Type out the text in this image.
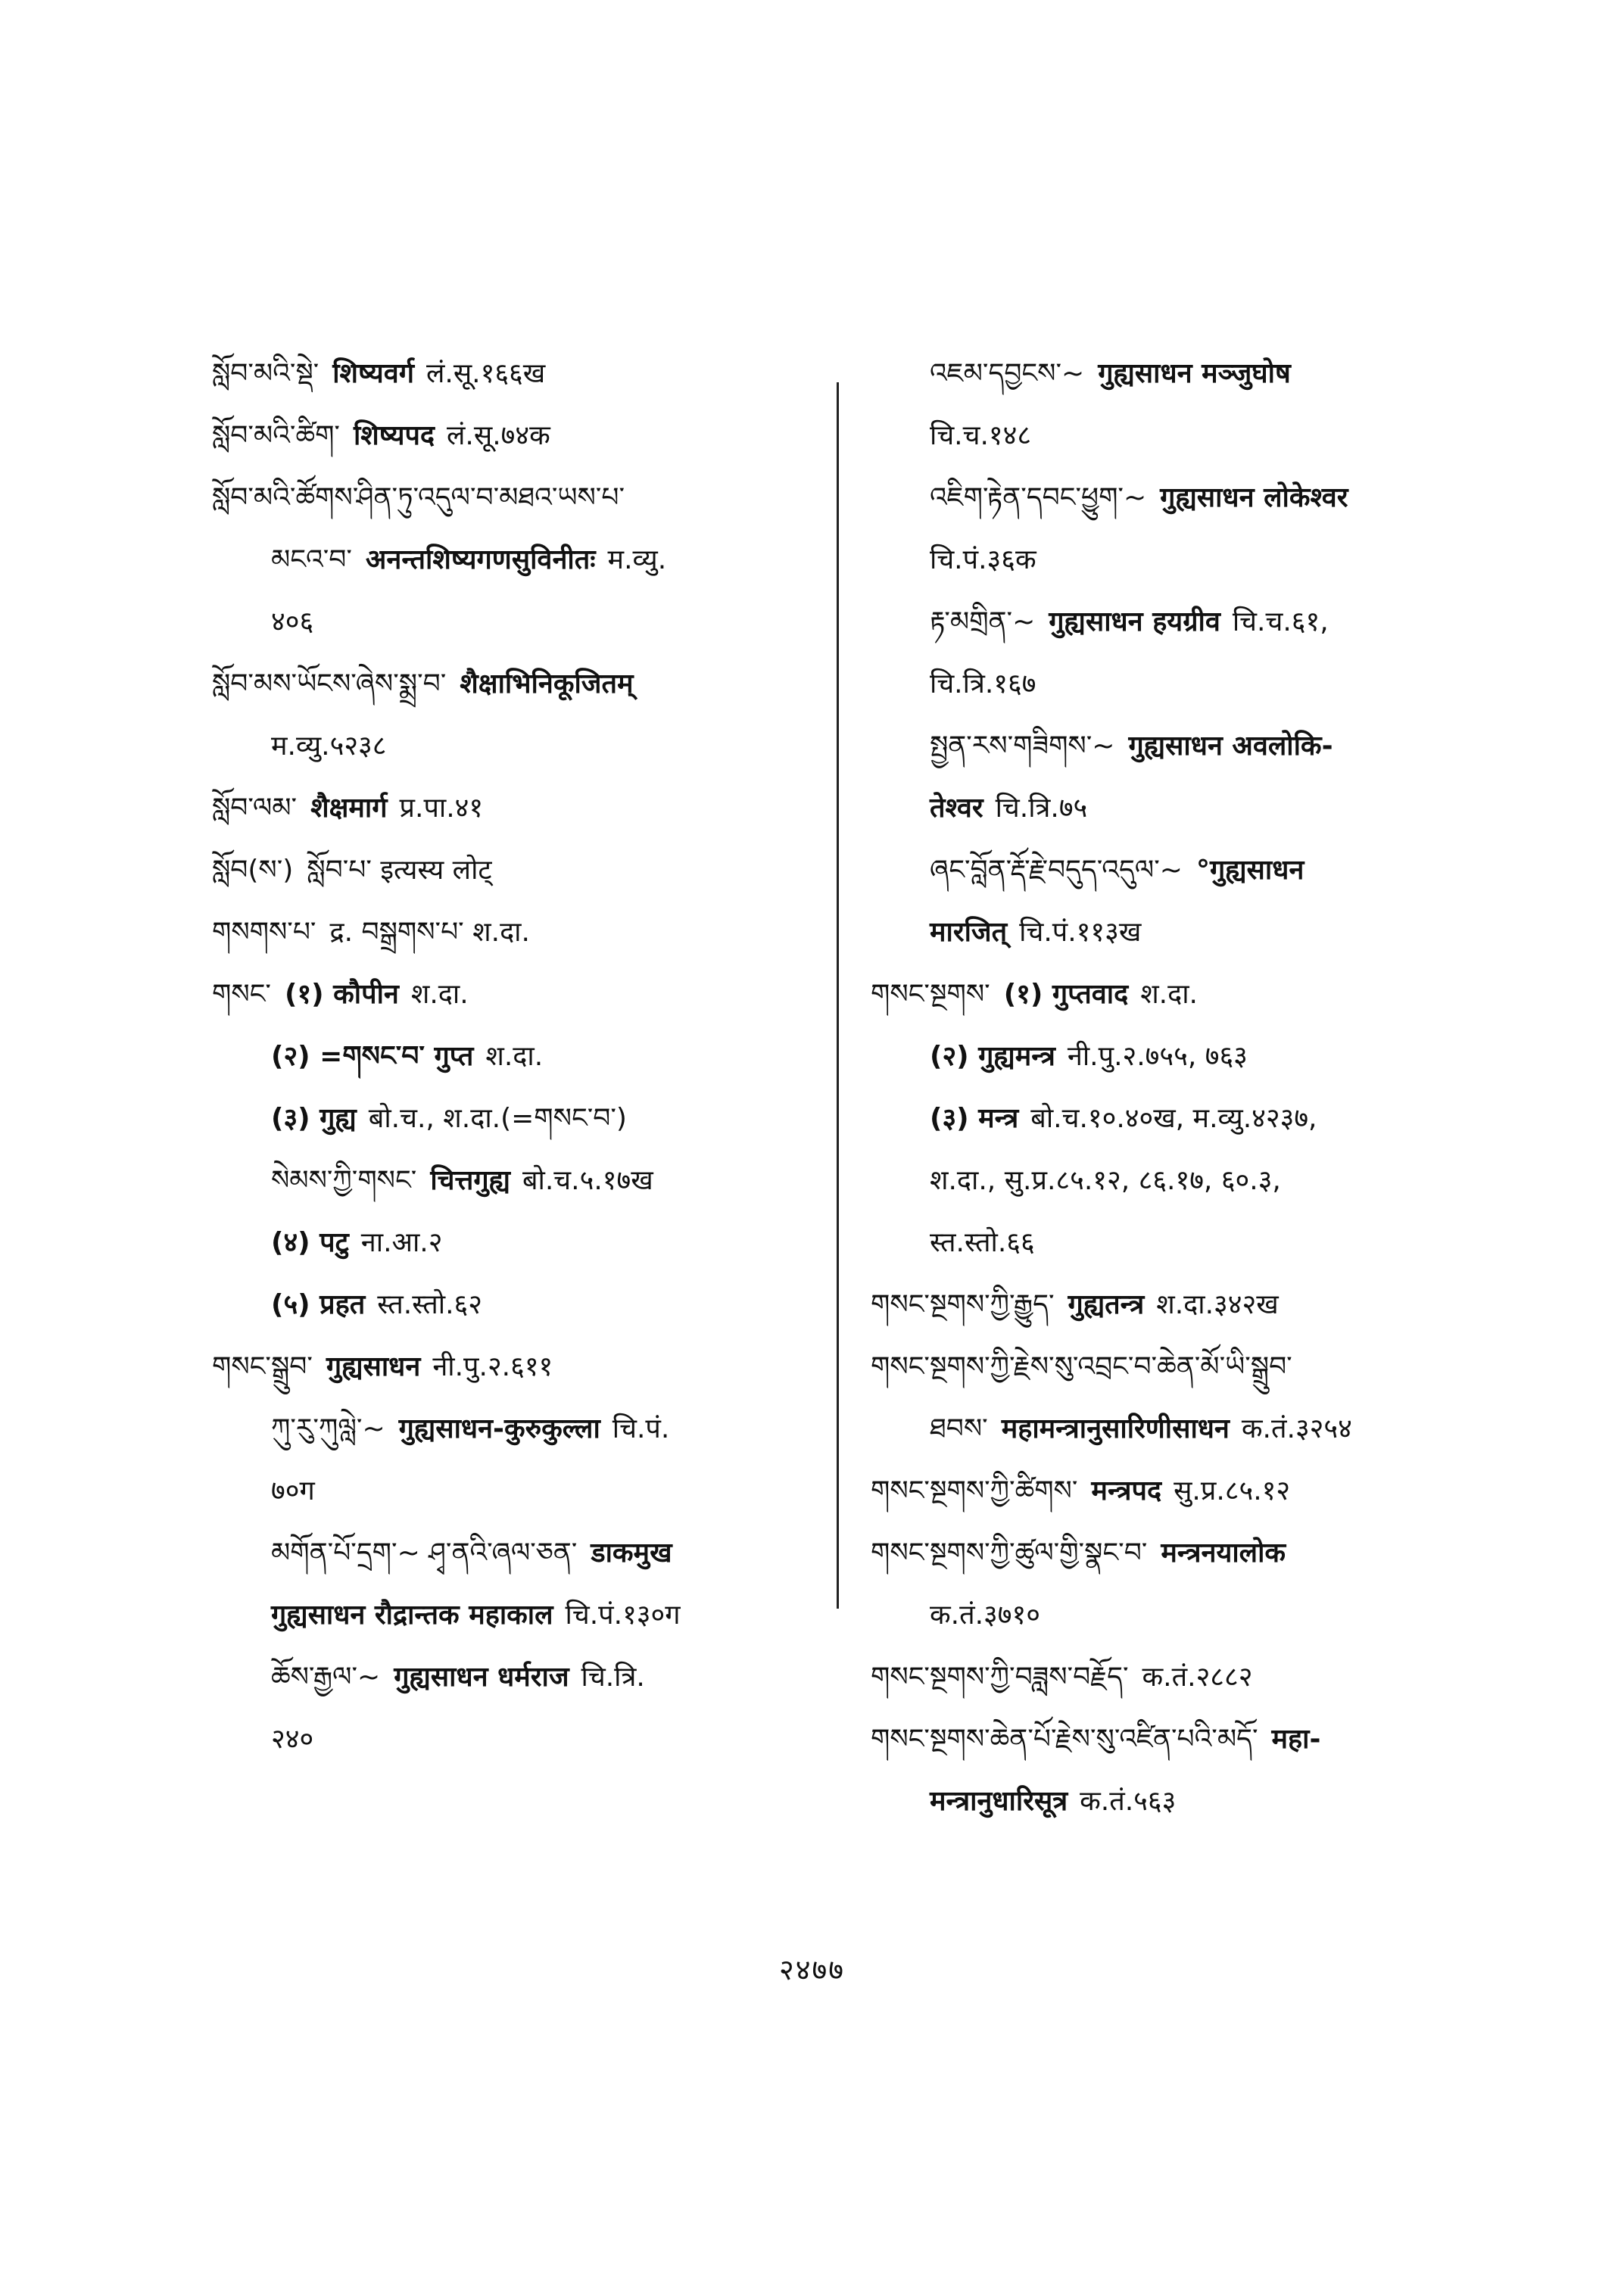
སློབ་མའི་སྡེ་ शिष्यवर्ग लं.सू.१६६ख
སློབ་མའི་ཚིག་ शिष्यपद लं.सू.७४क
སློབ་མའི་ཚོགས་ཤིན་ཏུ་འདུལ་བ་མཐའ་ཡས་པ་
མངའ་བ་ अनन्तशिष्यगणसुविनीतः म.व्यु.
४०६
སློབ་མས་ཡོངས་ཞེས་སྨྲ་བ་ शैक्षाभिनिकूजितम्
म.व्यु.५२३८
སློབ་ལམ་ शैक्षमार्ग प्र.पा.४१
སློབ(ས་) སློབ་པ་ इत्यस्य लोट्
གསགས་པ་ द्र. བསྒྲགས་པ་ श.दा.
གསང་ (१) कौपीन श.दा.
(२) =གསང་བ་ गुप्त श.दा.
(३) गुह्य बो.च., श.दा.(=གསང་བ་)
སེམས་ཀྱི་གསང་ चित्तगुह्य बो.च.५.१७ख
(४) पटु ना.आ.२
(५) प्रहत स्त.स्तो.६२
གསང་སྒྲུབ་ गुह्यसाधन नी.पु.२.६११
ཀུ་རུ་ཀུལླེ་~ गुह्यसाधन-कुरुकुल्ला चि.पं.
७०ग
མགོན་པོ་དྲག་~ ཤྭ་ནའི་ཞལ་ཅན་ डाकमुख
गुह्यसाधन रौद्रान्तक महाकाल चि.पं.१३०ग
ཆོས་རྒྱལ་~ गुह्यसाधन धर्मराज चि.त्रि.
२४०
འཇམ་དབྱངས་~ गुह्यसाधन मञ्जुघोष
चि.च.१४८
འཇིག་རྟེན་དབང་ཕྱུག་~ गुह्यसाधन लोकेश्वर
चि.पं.३६क
རྟ་མགྲིན་~ गुह्यसाधन हयग्रीव चि.च.६१,
चि.त्रि.१६७
སྤྱན་རས་གཟིགས་~ गुह्यसाधन अवलोकि-
तेश्वर चि.त्रि.७५
ཞང་བློན་རྡོ་རྗེ་བདུད་འདུལ་~ °गुह्यसाधन
मारजित् चि.पं.११३ख
གསང་སྔགས་ (१) गुप्तवाद श.दा.
(२) गुह्यमन्त्र नी.पु.२.७५५, ७६३
(३) मन्त्र बो.च.१०.४०ख, म.व्यु.४२३७,
श.दा., सु.प्र.८५.१२, ८६.१७, ६०.३,
स्त.स्तो.६६
གསང་སྔགས་ཀྱི་རྒྱུད་ गुह्यतन्त्र श.दा.३४२ख
གསང་སྔགས་ཀྱི་རྗེས་སུ་འབྲང་བ་ཆེན་མོ་ཡི་སྒྲུབ་
ཐབས་ महामन्त्रानुसारिणीसाधन क.तं.३२५४
གསང་སྔགས་ཀྱི་ཚིགས་ मन्त्रपद सु.प्र.८५.१२
གསང་སྔགས་ཀྱི་ཚུལ་གྱི་སྣང་བ་ मन्त्रनयालोक
क.तं.३७१०
གསང་སྔགས་ཀྱི་བཟླས་བརྗོད་ क.तं.२८८२
གསང་སྔགས་ཆེན་པོ་རྗེས་སུ་འཛིན་པའི་མདོ་ महा-
मन्त्रानुधारिसूत्र क.तं.५६३
२४७७
